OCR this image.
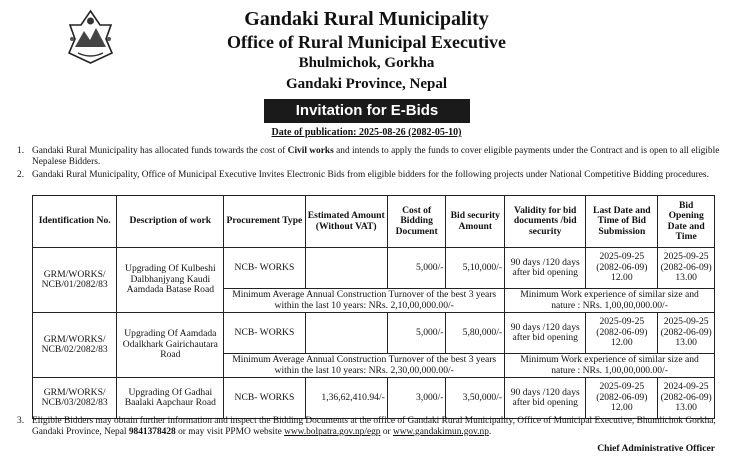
Gandaki Rural Municipality
Office of Rural Municipal Executive
Bhulmichok, Gorkha
Gandaki Province, Nepal
Invitation for E-Bids
Date of publication: 2025-08-26 (2082-05-10)
1. Gandaki Rural Municipality has allocated funds towards the cost of Civil works and intends to apply the funds to cover eligible payments under the Contract and is open to all eligible Nepalese Bidders.
2. Gandaki Rural Municipality, Office of Municipal Executive Invites Electronic Bids from eligible bidders for the following projects under National Competitive Bidding procedures.
Identification No.	Description of work	Procurement Type	Estimated Amount (Without VAT)	Cost of Bidding Document	Bid security Amount	Validity for bid documents /bid security	Last Date and Time of Bid Submission	Bid Opening Date and Time
GRM/WORKS/ NCB/01/2082/83	Upgrading Of Kulbeshi Dalbhanjyang Kaudi Aamdada Batase Road	NCB- WORKS		5,000/-	5,10,000/-	90 days /120 days after bid opening	2025-09-25 (2082-06-09) 12.00	2025-09-25 (2082-06-09) 13.00
		Minimum Average Annual Construction Turnover of the best 3 years within the last 10 years: NRs. 2,10,00,000.00/-				Minimum Work experience of similar size and nature : NRs. 1,00,00,000.00/-		
GRM/WORKS/ NCB/02/2082/83	Upgrading Of Aamdada Odalkhark Gairichautara Road	NCB- WORKS		5,000/-	5,80,000/-	90 days /120 days after bid opening	2025-09-25 (2082-06-09) 12.00	2025-09-25 (2082-06-09) 13.00
		Minimum Average Annual Construction Turnover of the best 3 years within the last 10 years: NRs. 2,30,00,000.00/-				Minimum Work experience of similar size and nature : NRs. 1,00,00,000.00/-		
GRM/WORKS/ NCB/03/2082/83	Upgrading Of Gadhai Baalaki Aapchaur Road	NCB- WORKS	1,36,62,410.94/-	3,000/-	3,50,000/-	90 days /120 days after bid opening	2025-09-25 (2082-06-09) 12.00	2024-09-25 (2082-06-09) 13.00
3. Eligible Bidders may obtain further information and inspect the Bidding Documents at the office of Gandaki Rural Municipality, Office of Municipal Executive, Bhumlichok Gorkha, Gandaki Province, Nepal 9841378428 or may visit PPMO website www.bolpatra.gov.np/egp or www.gandakimun.gov.np.
Chief Administrative Officer
